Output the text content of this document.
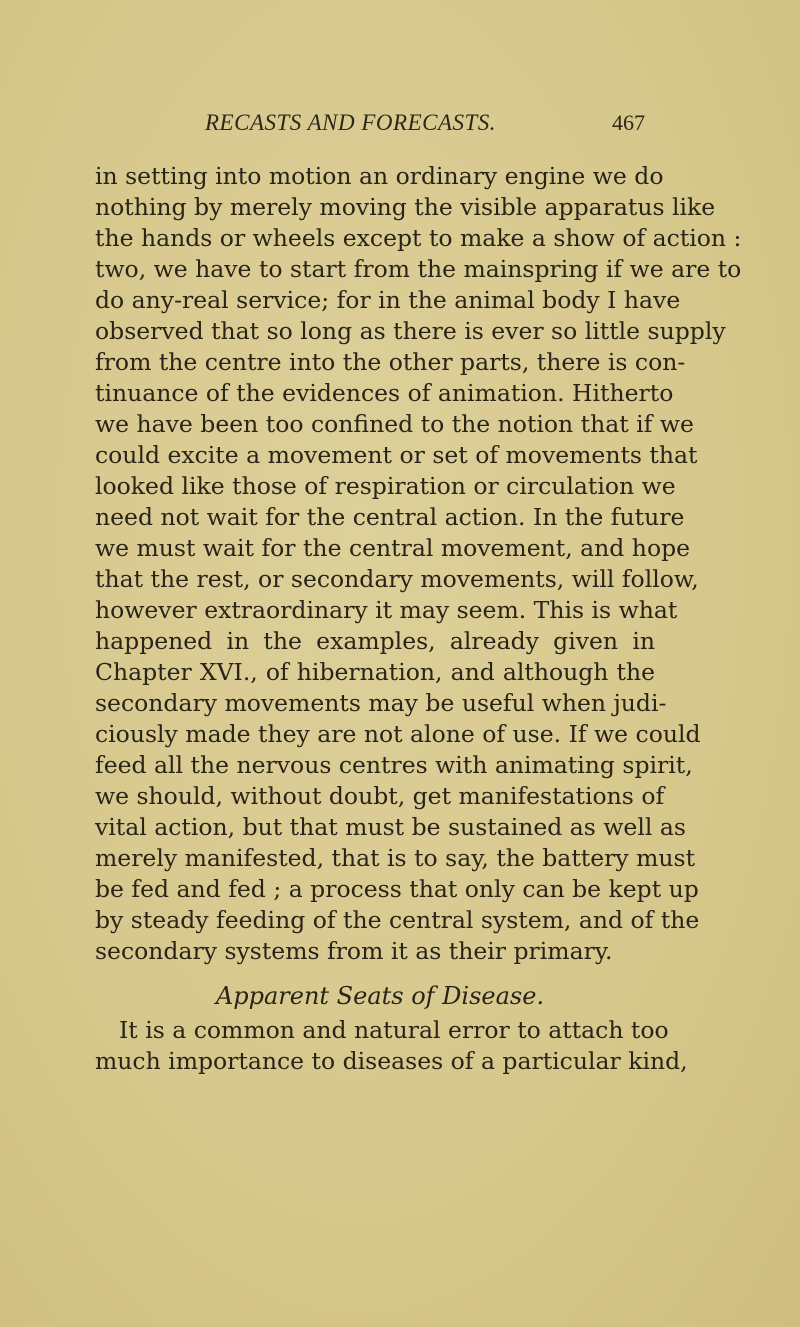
RECASTS AND FORECASTS.	467
in setting into motion an ordinary engine we do
nothing by merely moving the visible apparatus like
the hands or wheels except to make a show of action :
two, we have to start from the mainspring if we are to
do any-real service; for in the animal body I have
observed that so long as there is ever so little supply
from the centre into the other parts, there is con-
tinuance of the evidences of animation. Hitherto
we have been too confined to the notion that if we
could excite a movement or set of movements that
looked like those of respiration or circulation we
need not wait for the central action. In the future
we must wait for the central movement, and hope
that the rest, or secondary movements, will follow,
however extraordinary it may seem. This is what
happened in the examples, already given in
Chapter XVI., of hibernation, and although the
secondary movements may be useful when judi-
ciously made they are not alone of use. If we could
feed all the nervous centres with animating spirit,
we should, without doubt, get manifestations of
vital action, but that must be sustained as well as
merely manifested, that is to say, the battery must
be fed and fed ; a process that only can be kept up
by steady feeding of the central system, and of the
secondary systems from it as their primary.
Apparent Seats of Disease.
It is a common and natural error to attach too
much importance to diseases of a particular kind,
